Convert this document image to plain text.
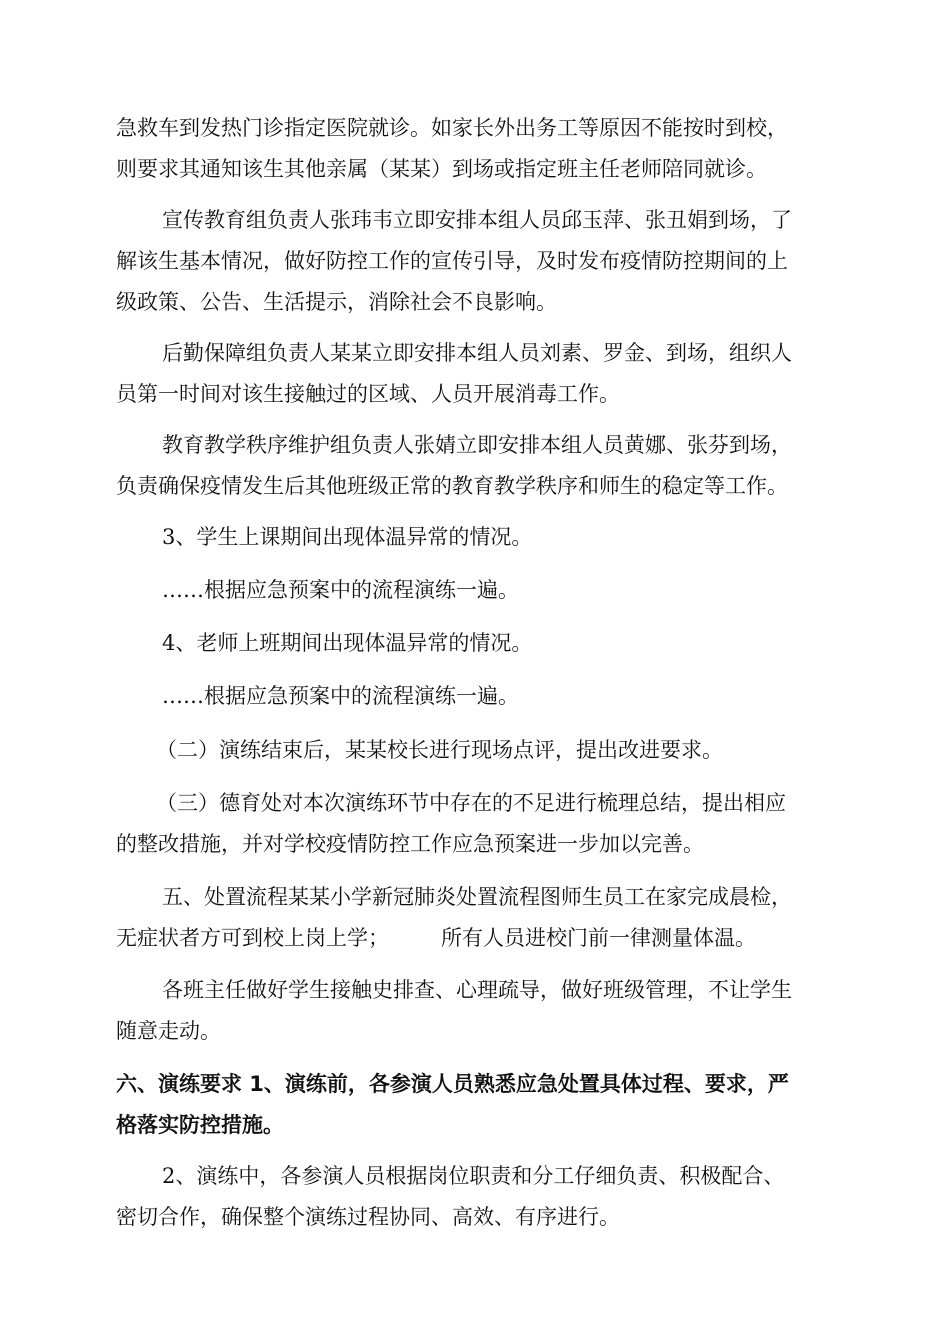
急救车到发热门诊指定医院就诊。如家长外出务工等原因不能按时到校，
则要求其通知该生其他亲属（某某）到场或指定班主任老师陪同就诊。
宣传教育组负责人张玮韦立即安排本组人员邱玉萍、张丑娟到场，了
解该生基本情况，做好防控工作的宣传引导，及时发布疫情防控期间的上
级政策、公告、生活提示，消除社会不良影响。
后勤保障组负责人某某立即安排本组人员刘素、罗金、到场，组织人
员第一时间对该生接触过的区域、人员开展消毒工作。
教育教学秩序维护组负责人张婧立即安排本组人员黄娜、张芬到场，
负责确保疫情发生后其他班级正常的教育教学秩序和师生的稳定等工作。
3、学生上课期间出现体温异常的情况。
……根据应急预案中的流程演练一遍。
4、老师上班期间出现体温异常的情况。
……根据应急预案中的流程演练一遍。
（二）演练结束后，某某校长进行现场点评，提出改进要求。
（三）德育处对本次演练环节中存在的不足进行梳理总结，提出相应
的整改措施，并对学校疫情防控工作应急预案进一步加以完善。
五、处置流程某某小学新冠肺炎处置流程图师生员工在家完成晨检，
无症状者方可到校上岗上学； 所有人员进校门前一律测量体温。
各班主任做好学生接触史排查、心理疏导，做好班级管理，不让学生
随意走动。
六、演练要求 1、演练前，各参演人员熟悉应急处置具体过程、要求，严
格落实防控措施。
2、演练中，各参演人员根据岗位职责和分工仔细负责、积极配合、
密切合作，确保整个演练过程协同、高效、有序进行。
